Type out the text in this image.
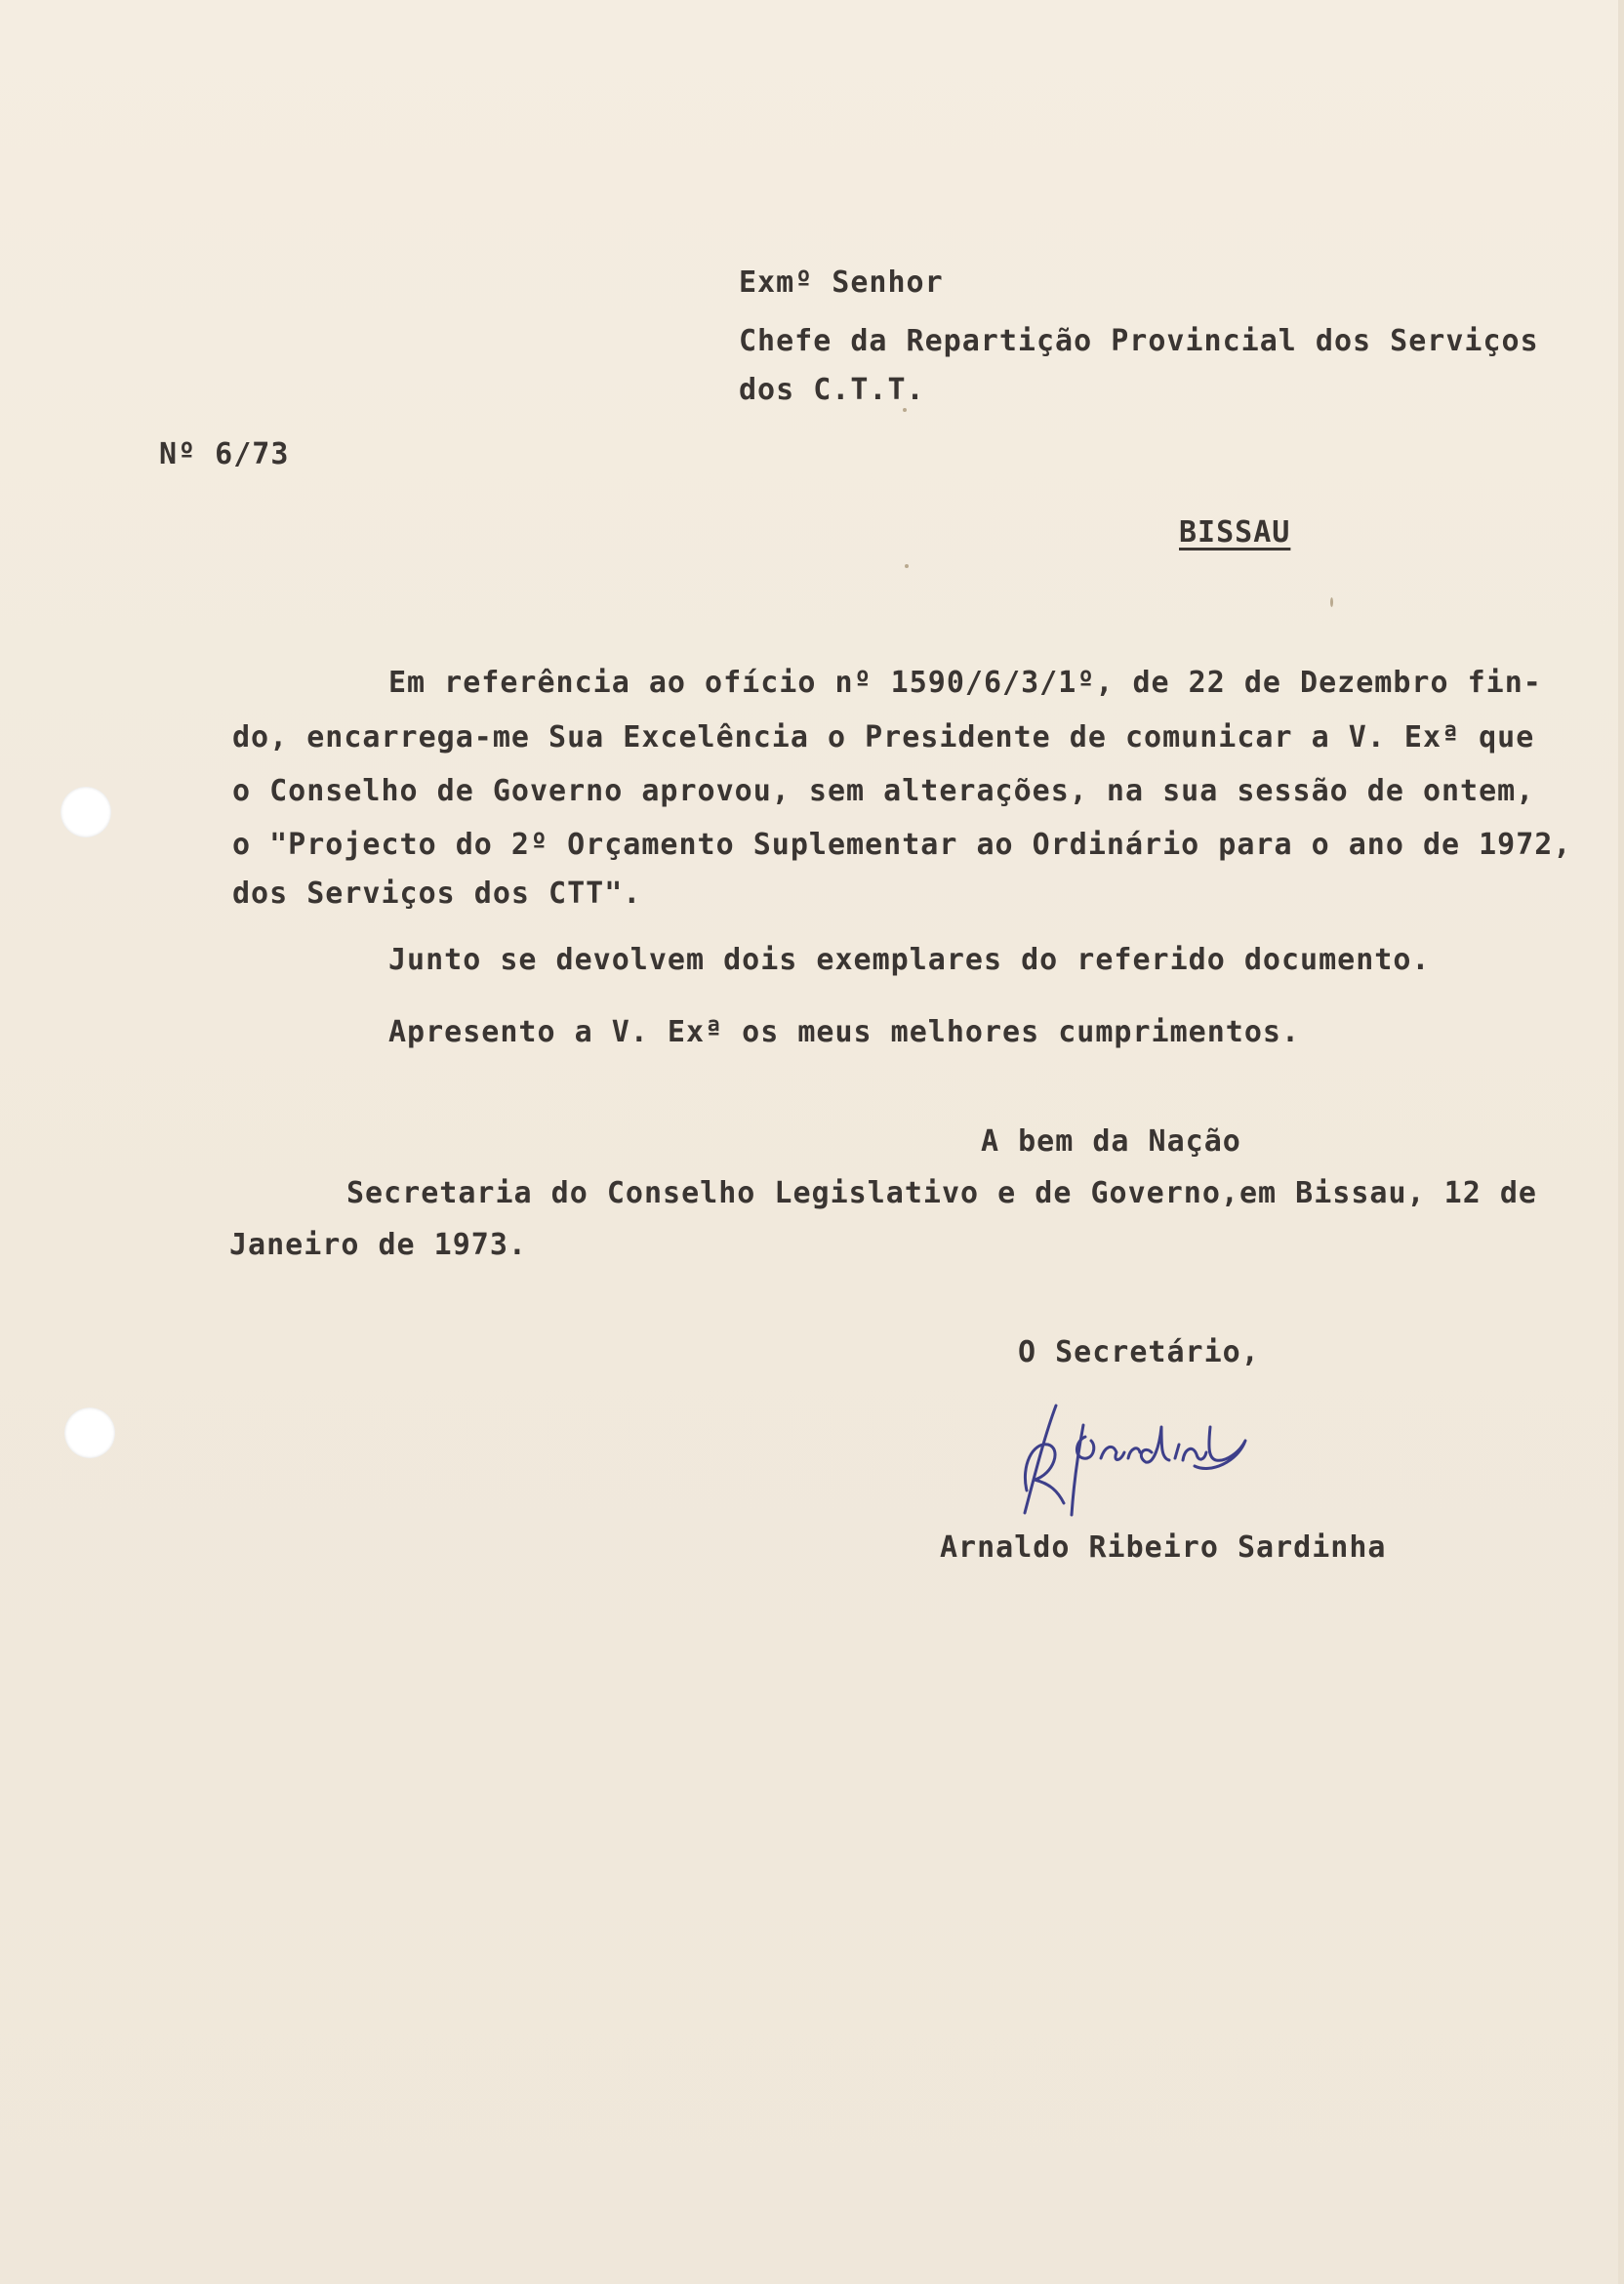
Exmº Senhor
Chefe da Repartição Provincial dos Serviços
dos C.T.T.
Nº 6/73
BISSAU
Em referência ao ofício nº 1590/6/3/1º, de 22 de Dezembro fin-
do, encarrega-me Sua Excelência o Presidente de comunicar a V. Exª que
o Conselho de Governo aprovou, sem alterações, na sua sessão de ontem,
o "Projecto do 2º Orçamento Suplementar ao Ordinário para o ano de 1972,
dos Serviços dos CTT".
Junto se devolvem dois exemplares do referido documento.
Apresento a V. Exª os meus melhores cumprimentos.
A bem da Nação
Secretaria do Conselho Legislativo e de Governo,em Bissau, 12 de
Janeiro de 1973.
O Secretário,
RSardinha
Arnaldo Ribeiro Sardinha
